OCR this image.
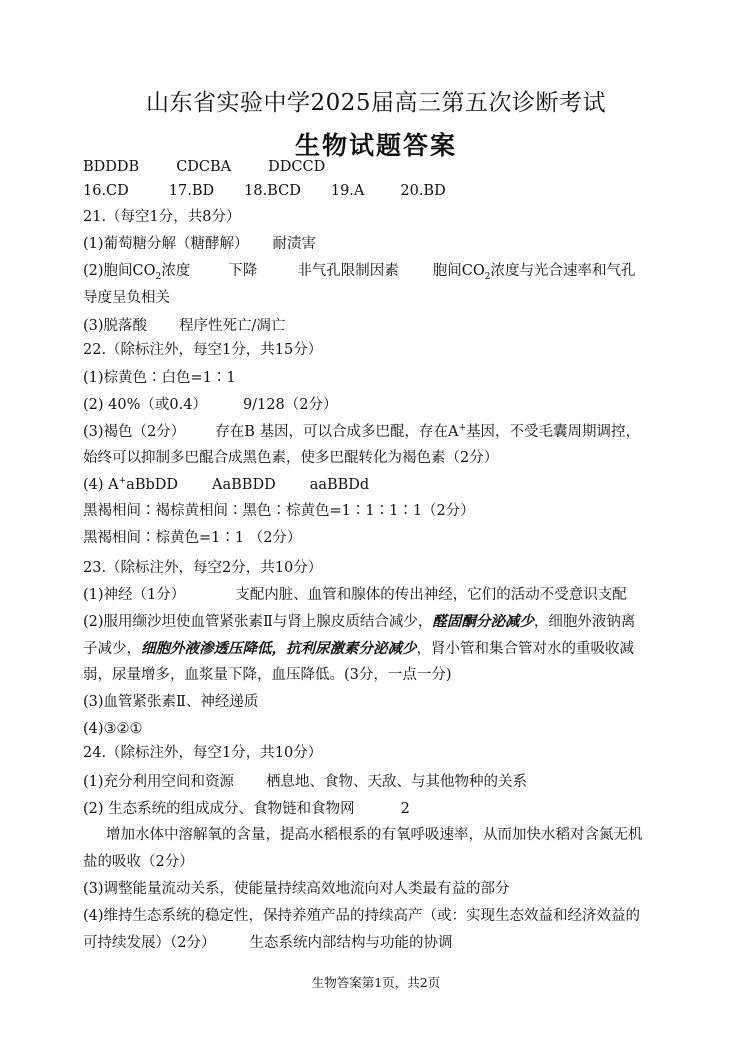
山东省实验中学2025届高三第五次诊断考试
生物试题答案
BDDDB	CDCBA	DDCCD
16.CD	17.BD 18.BCD 19.A 20.BD
21.（每空1分，共8分）
(1)葡萄糖分解（糖酵解） 耐渍害
(2)胞间$CO_2$浓度	下降	非气孔限制因素 胞间$CO_2$浓度与光合速率和气孔
导度呈负相关
(3)脱落酸 程序性死亡/凋亡
22.（除标注外，每空1分，共15分）
(1)棕黄色∶白色=1∶1
(2) 40%（或0.4） 9/128（2分）
(3)褐色（2分） 存在B 基因，可以合成多巴醌，存在A+基因，不受毛囊周期调控，
始终可以抑制多巴醌合成黑色素，使多巴醌转化为褐色素（2分）
(4) A+aBbDD AaBBDD aaBBDd
黑褐相间∶褐棕黄相间∶黑色∶棕黄色=1∶1∶1∶1（2分）
黑褐相间∶棕黄色=1∶1 （2分）
23.（除标注外，每空2分，共10分）
(1)神经（1分）	支配内脏、血管和腺体的传出神经，它们的活动不受意识支配
(2)服用缬沙坦使血管紧张素Ⅱ与肾上腺皮质结合减少，醛固酮分泌减少，细胞外液钠离
子减少，细胞外液渗透压降低，抗利尿激素分泌减少，肾小管和集合管对水的重吸收减
弱，尿量增多，血浆量下降，血压降低。(3分，一点一分)
(3)血管紧张素Ⅱ、神经递质
(4)③②①
24.（除标注外，每空1分，共10分）
(1)充分利用空间和资源 栖息地、食物、天敌、与其他物种的关系
(2) 生态系统的组成成分、食物链和食物网	2
增加水体中溶解氧的含量，提高水稻根系的有氧呼吸速率，从而加快水稻对含氮无机
盐的吸收（2分）
(3)调整能量流动关系，使能量持续高效地流向对人类最有益的部分
(4)维持生态系统的稳定性，保持养殖产品的持续高产（或：实现生态效益和经济效益的
可持续发展）（2分） 生态系统内部结构与功能的协调
生物答案第1页，共2页
